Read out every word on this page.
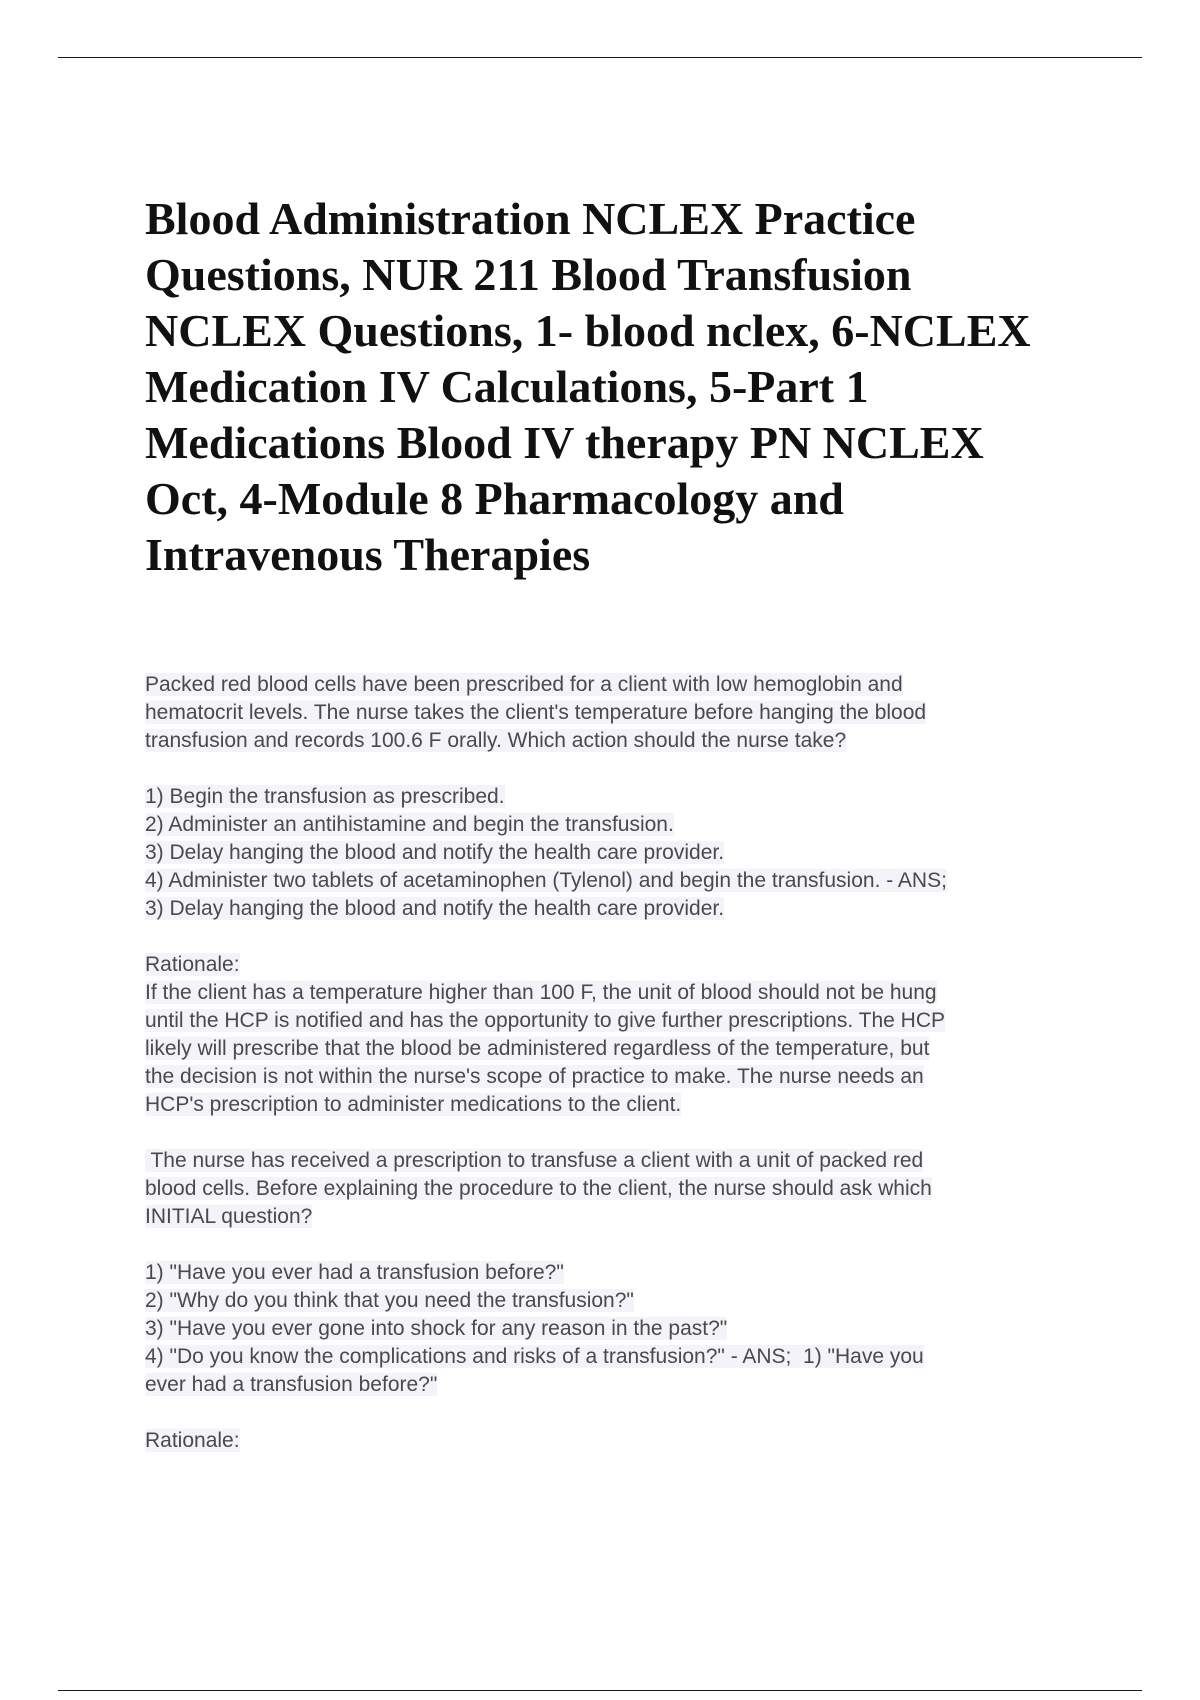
Blood Administration NCLEX Practice
Questions, NUR 211 Blood Transfusion
NCLEX Questions, 1- blood nclex, 6-NCLEX
Medication IV Calculations, 5-Part 1
Medications Blood IV therapy PN NCLEX
Oct, 4-Module 8 Pharmacology and
Intravenous Therapies
Packed red blood cells have been prescribed for a client with low hemoglobin and
hematocrit levels. The nurse takes the client's temperature before hanging the blood
transfusion and records 100.6 F orally. Which action should the nurse take?
1) Begin the transfusion as prescribed.
2) Administer an antihistamine and begin the transfusion.
3) Delay hanging the blood and notify the health care provider.
4) Administer two tablets of acetaminophen (Tylenol) and begin the transfusion. - ANS;
3) Delay hanging the blood and notify the health care provider.
Rationale:
If the client has a temperature higher than 100 F, the unit of blood should not be hung
until the HCP is notified and has the opportunity to give further prescriptions. The HCP
likely will prescribe that the blood be administered regardless of the temperature, but
the decision is not within the nurse's scope of practice to make. The nurse needs an
HCP's prescription to administer medications to the client.
The nurse has received a prescription to transfuse a client with a unit of packed red
blood cells. Before explaining the procedure to the client, the nurse should ask which
INITIAL question?
1) "Have you ever had a transfusion before?"
2) "Why do you think that you need the transfusion?"
3) "Have you ever gone into shock for any reason in the past?"
4) "Do you know the complications and risks of a transfusion?" - ANS;  1) "Have you
ever had a transfusion before?"
Rationale:
